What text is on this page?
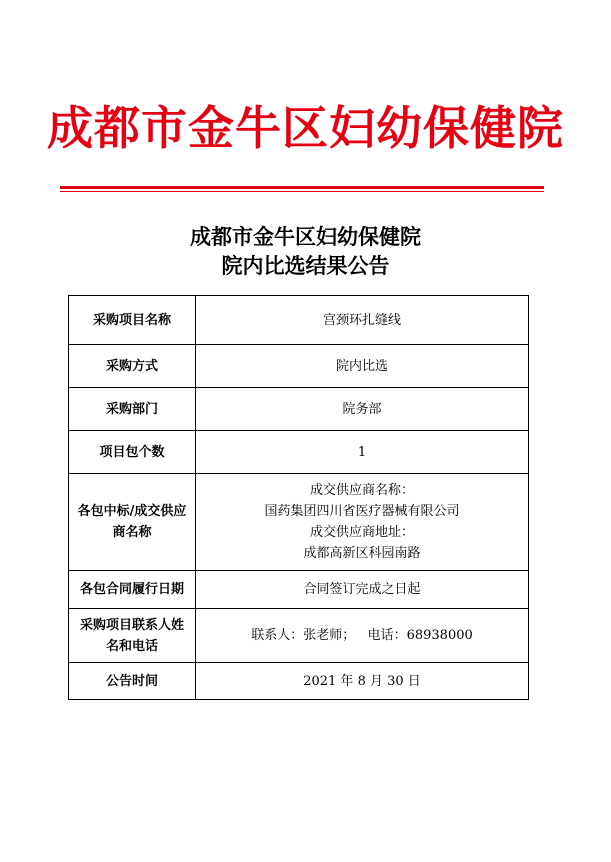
成都市金牛区妇幼保健院
成都市金牛区妇幼保健院
院内比选结果公告
采购项目名称	宫颈环扎缝线
采购方式	院内比选
采购部门	院务部
项目包个数	1

各包中标/成交供应
商名称	成交供应商名称：
国药集团四川省医疗器械有限公司
成交供应商地址：
成都高新区科园南路

各包合同履行日期	合同签订完成之日起

采购项目联系人姓
名和电话	联系人：张老师；   电话：68938000
公告时间	2021 年 8 月 30 日
